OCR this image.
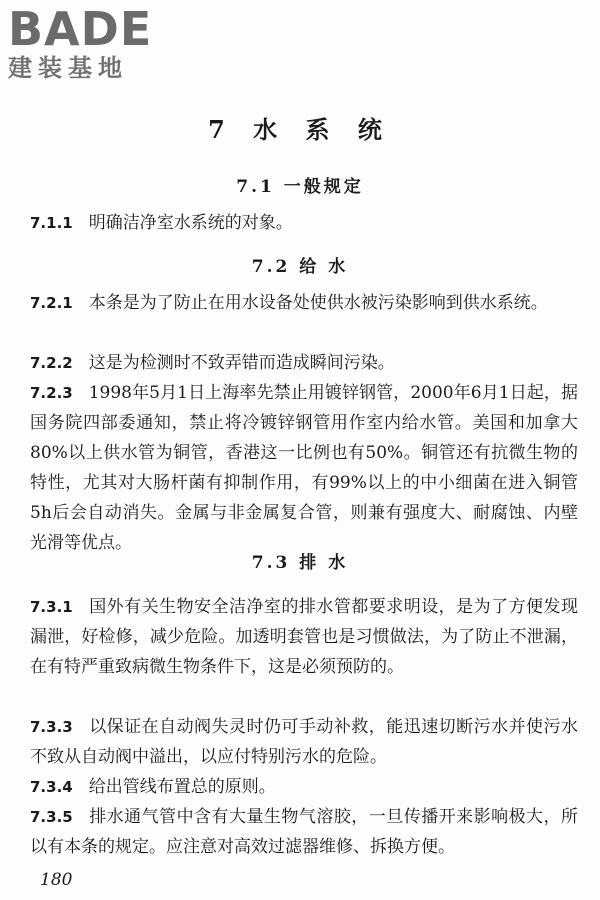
BADE
建装基地
7 水 系 统
7.1 一般规定
7.1.1 明确洁净室水系统的对象。
7.2 给 水
7.2.1 本条是为了防止在用水设备处使供水被污染影响到供水系统。
7.2.2 这是为检测时不致弄错而造成瞬间污染。
7.2.3 1998年5月1日上海率先禁止用镀锌钢管，2000年6月1日起，据国务院四部委通知，禁止将冷镀锌钢管用作室内给水管。美国和加拿大80%以上供水管为铜管，香港这一比例也有50%。铜管还有抗微生物的特性，尤其对大肠杆菌有抑制作用，有99%以上的中小细菌在进入铜管5h后会自动消失。金属与非金属复合管，则兼有强度大、耐腐蚀、内壁光滑等优点。
7.3 排 水
7.3.1 国外有关生物安全洁净室的排水管都要求明设，是为了方便发现漏泄，好检修，减少危险。加透明套管也是习惯做法，为了防止不泄漏，在有特严重致病微生物条件下，这是必须预防的。
7.3.3 以保证在自动阀失灵时仍可手动补救，能迅速切断污水并使污水不致从自动阀中溢出，以应付特别污水的危险。
7.3.4 给出管线布置总的原则。
7.3.5 排水通气管中含有大量生物气溶胶，一旦传播开来影响极大，所以有本条的规定。应注意对高效过滤器维修、拆换方便。
180
